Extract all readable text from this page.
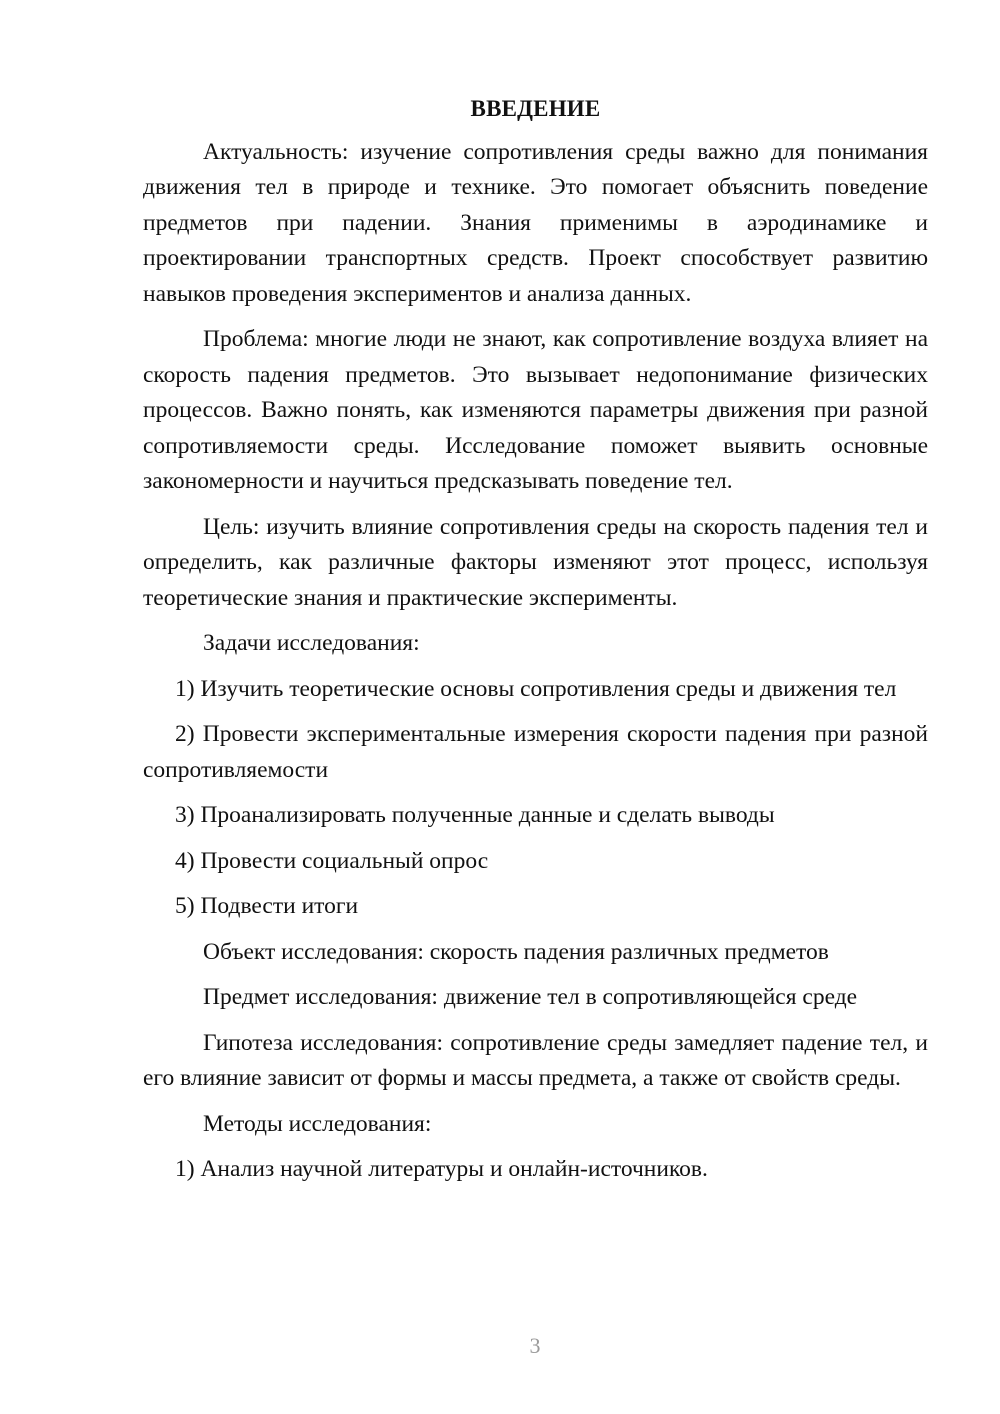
ВВЕДЕНИЕ

Актуальность: изучение сопротивления среды важно для понимания движения тел в природе и технике. Это помогает объяснить поведение предметов при падении. Знания применимы в аэродинамике и проектировании транспортных средств. Проект способствует развитию навыков проведения экспериментов и анализа данных.

Проблема: многие люди не знают, как сопротивление воздуха влияет на скорость падения предметов. Это вызывает недопонимание физических процессов. Важно понять, как изменяются параметры движения при разной сопротивляемости среды. Исследование поможет выявить основные закономерности и научиться предсказывать поведение тел.

Цель: изучить влияние сопротивления среды на скорость падения тел и определить, как различные факторы изменяют этот процесс, используя теоретические знания и практические эксперименты.

Задачи исследования:

1) Изучить теоретические основы сопротивления среды и движения тел

2) Провести экспериментальные измерения скорости падения при разной сопротивляемости

3) Проанализировать полученные данные и сделать выводы

4) Провести социальный опрос

5) Подвести итоги

Объект исследования: скорость падения различных предметов

Предмет исследования: движение тел в сопротивляющейся среде

Гипотеза исследования: сопротивление среды замедляет падение тел, и его влияние зависит от формы и массы предмета, а также от свойств среды.

Методы исследования:

1) Анализ научной литературы и онлайн-источников.

3
